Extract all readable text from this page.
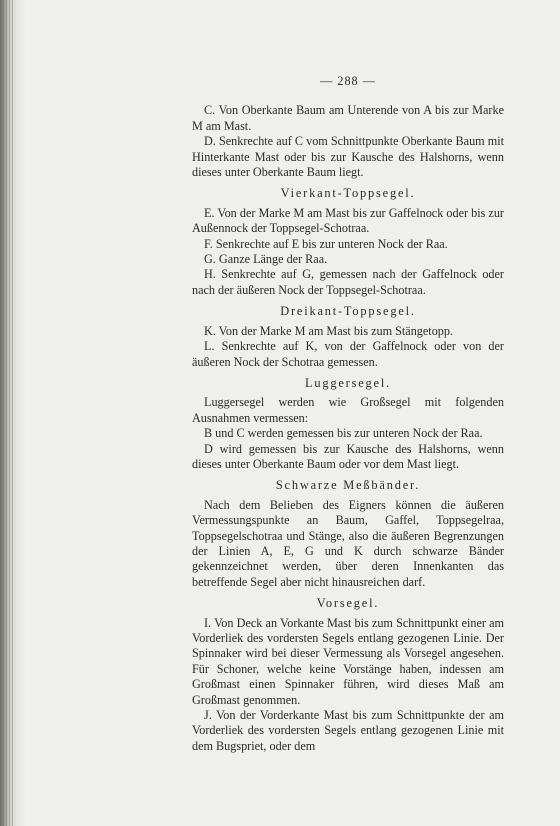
— 288 —

C. Von Oberkante Baum am Unterende von A bis zur Marke M am Mast.

D. Senkrechte auf C vom Schnittpunkte Oberkante Baum mit Hinterkante Mast oder bis zur Kausche des Halshorns, wenn dieses unter Oberkante Baum liegt.

Vierkant-Toppsegel.

E. Von der Marke M am Mast bis zur Gaffelnock oder bis zur Außennock der Toppsegel-Schotraa.

F. Senkrechte auf E bis zur unteren Nock der Raa.

G. Ganze Länge der Raa.

H. Senkrechte auf G, gemessen nach der Gaffelnock oder nach der äußeren Nock der Toppsegel-Schotraa.

Dreikant-Toppsegel.

K. Von der Marke M am Mast bis zum Stängetopp.

L. Senkrechte auf K, von der Gaffelnock oder von der äußeren Nock der Schotraa gemessen.

Luggersegel.

Luggersegel werden wie Großsegel mit folgenden Ausnahmen vermessen:

B und C werden gemessen bis zur unteren Nock der Raa.

D wird gemessen bis zur Kausche des Halshorns, wenn dieses unter Oberkante Baum oder vor dem Mast liegt.

Schwarze Meßbänder.

Nach dem Belieben des Eigners können die äußeren Vermessungspunkte an Baum, Gaffel, Toppsegelraa, Toppsegelschotraa und Stänge, also die äußeren Begrenzungen der Linien A, E, G und K durch schwarze Bänder gekennzeichnet werden, über deren Innenkanten das betreffende Segel aber nicht hinausreichen darf.

Vorsegel.

I. Von Deck an Vorkante Mast bis zum Schnittpunkt einer am Vorderliek des vordersten Segels entlang gezogenen Linie. Der Spinnaker wird bei dieser Vermessung als Vorsegel angesehen. Für Schoner, welche keine Vorstänge haben, indessen am Großmast einen Spinnaker führen, wird dieses Maß am Großmast genommen.

J. Von der Vorderkante Mast bis zum Schnittpunkte der am Vorderliek des vordersten Segels entlang gezogenen Linie mit dem Bugspriet, oder dem
